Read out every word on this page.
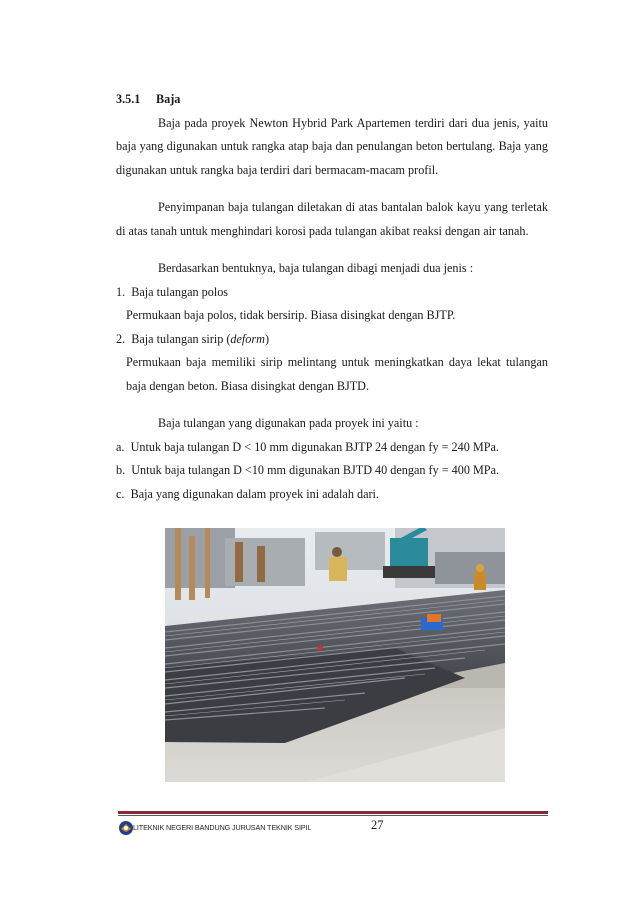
3.5.1 Baja

Baja pada proyek Newton Hybrid Park Apartemen terdiri dari dua jenis, yaitu baja yang digunakan untuk rangka atap baja dan penulangan beton bertulang. Baja yang digunakan untuk rangka baja terdiri dari bermacam-macam profil.

Penyimpanan baja tulangan diletakan di atas bantalan balok kayu yang terletak di atas tanah untuk menghindari korosi pada tulangan akibat reaksi dengan air tanah.

Berdasarkan bentuknya, baja tulangan dibagi menjadi dua jenis :

1. Baja tulangan polos
Permukaan baja polos, tidak bersirip. Biasa disingkat dengan BJTP.
2. Baja tulangan sirip (deform)
Permukaan baja memiliki sirip melintang untuk meningkatkan daya lekat tulangan baja dengan beton. Biasa disingkat dengan BJTD.

Baja tulangan yang digunakan pada proyek ini yaitu :

a. Untuk baja tulangan D < 10 mm digunakan BJTP 24 dengan fy = 240 MPa.
b. Untuk baja tulangan D <10 mm digunakan BJTD 40 dengan fy = 400 MPa.
c. Baja yang digunakan dalam proyek ini adalah dari.
LITEKNIK NEGERI BANDUNG JURUSAN TEKNIK SIPIL	27
